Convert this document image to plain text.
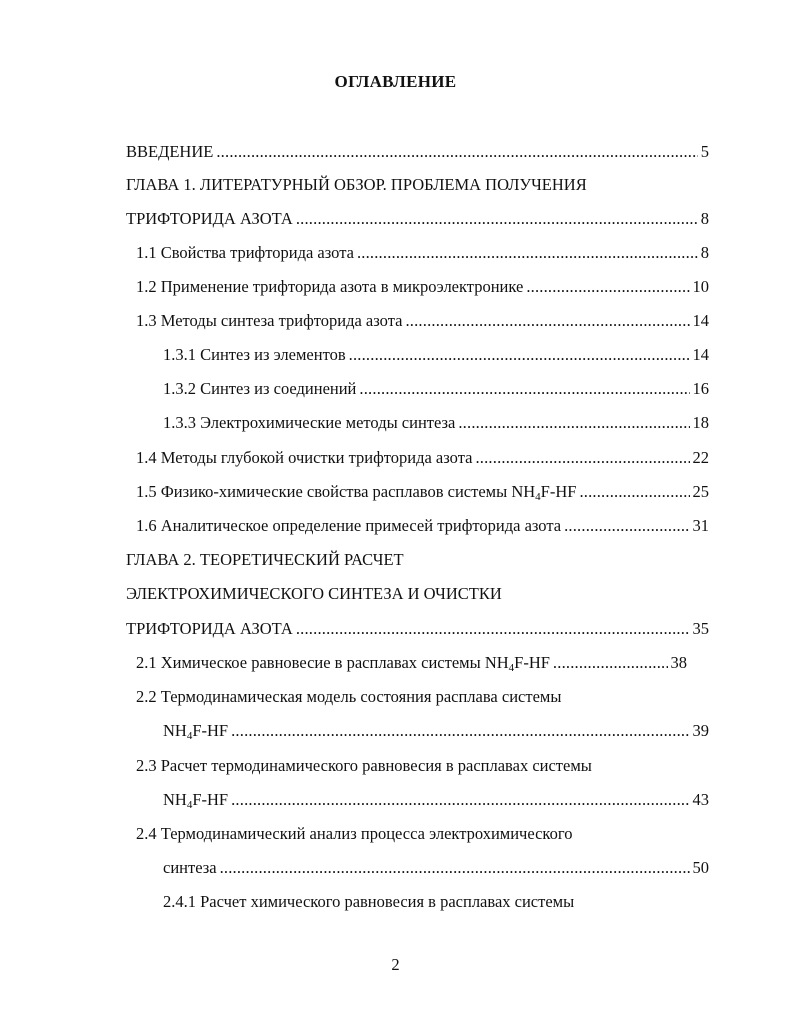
ОГЛАВЛЕНИЕ
ВВЕДЕНИЕ .....	5
ГЛАВА 1. ЛИТЕРАТУРНЫЙ ОБЗОР. ПРОБЛЕМА ПОЛУЧЕНИЯ
ТРИФТОРИДА АЗОТА .....	8
1.1 Свойства трифторида азота .....	8
1.2 Применение трифторида азота в микроэлектронике .....	10
1.3 Методы синтеза трифторида азота .....	14
1.3.1 Синтез из элементов .....	14
1.3.2 Синтез из соединений .....	16
1.3.3 Электрохимические методы синтеза .....	18
1.4 Методы глубокой очистки трифторида азота .....	22
1.5 Физико-химические свойства расплавов системы $NH_4F-HF$ .....	25
1.6 Аналитическое определение примесей трифторида азота .....	31
ГЛАВА 2. ТЕОРЕТИЧЕСКИЙ РАСЧЕТ
ЭЛЕКТРОХИМИЧЕСКОГО СИНТЕЗА И ОЧИСТКИ
ТРИФТОРИДА АЗОТА .....	35
2.1 Химическое равновесие в расплавах системы $NH_4F-HF$ .....	38
2.2 Термодинамическая модель состояния расплава системы
$NH_4F-HF$ .....	39
2.3 Расчет термодинамического равновесия в расплавах системы
$NH_4F-HF$ .....	43
2.4 Термодинамический анализ процесса электрохимического
синтеза .....	50
2.4.1 Расчет химического равновесия в расплавах системы
2
